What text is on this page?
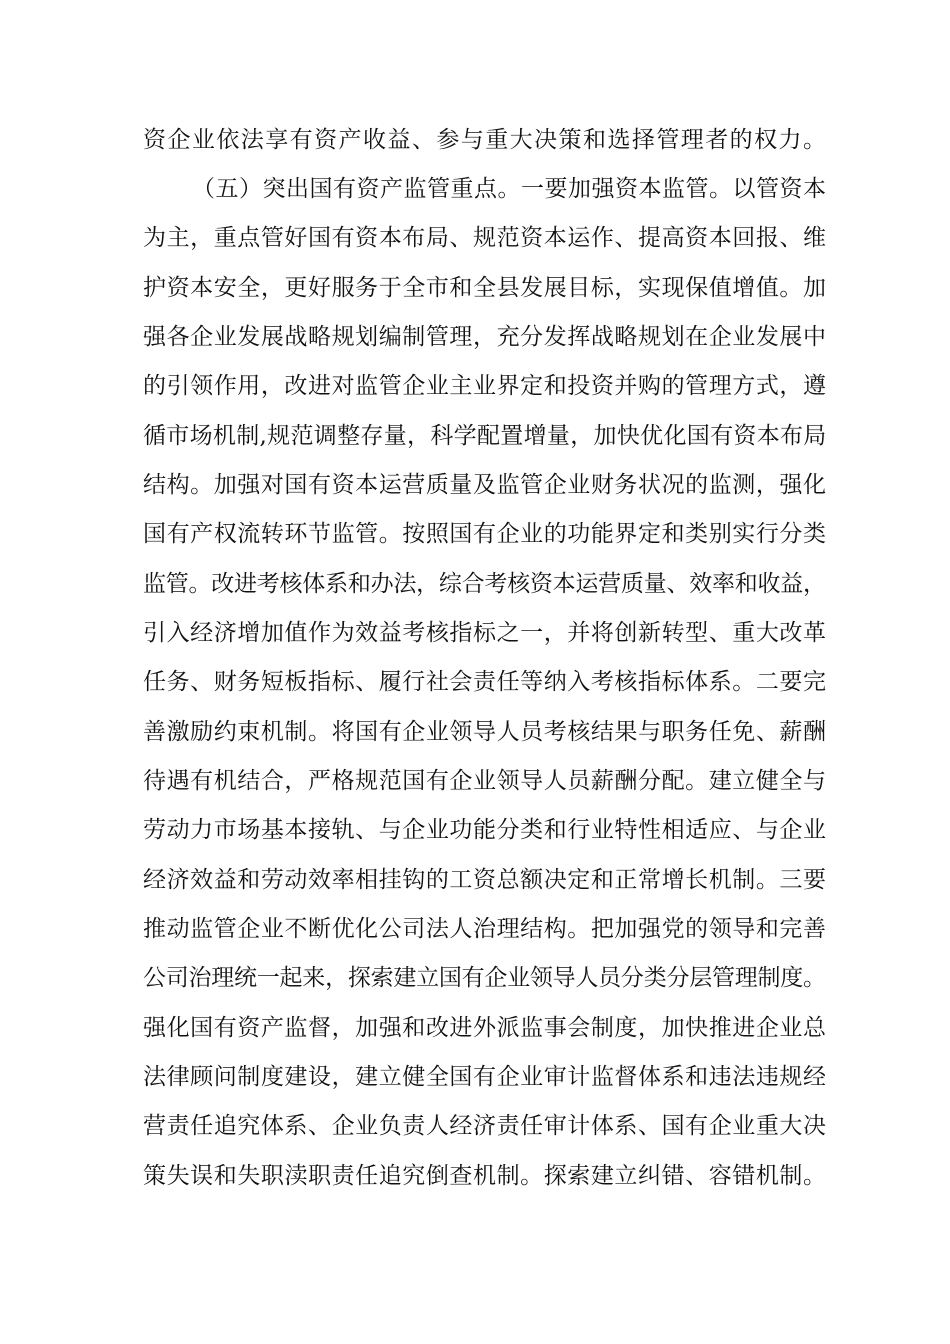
资企业依法享有资产收益、参与重大决策和选择管理者的权力。
（五）突出国有资产监管重点。一要加强资本监管。以管资本
为主，重点管好国有资本布局、规范资本运作、提高资本回报、维
护资本安全，更好服务于全市和全县发展目标，实现保值增值。加
强各企业发展战略规划编制管理，充分发挥战略规划在企业发展中
的引领作用，改进对监管企业主业界定和投资并购的管理方式，遵
循市场机制,规范调整存量，科学配置增量，加快优化国有资本布局
结构。加强对国有资本运营质量及监管企业财务状况的监测，强化
国有产权流转环节监管。按照国有企业的功能界定和类别实行分类
监管。改进考核体系和办法，综合考核资本运营质量、效率和收益，
引入经济增加值作为效益考核指标之一，并将创新转型、重大改革
任务、财务短板指标、履行社会责任等纳入考核指标体系。二要完
善激励约束机制。将国有企业领导人员考核结果与职务任免、薪酬
待遇有机结合，严格规范国有企业领导人员薪酬分配。建立健全与
劳动力市场基本接轨、与企业功能分类和行业特性相适应、与企业
经济效益和劳动效率相挂钩的工资总额决定和正常增长机制。三要
推动监管企业不断优化公司法人治理结构。把加强党的领导和完善
公司治理统一起来，探索建立国有企业领导人员分类分层管理制度。
强化国有资产监督，加强和改进外派监事会制度，加快推进企业总
法律顾问制度建设，建立健全国有企业审计监督体系和违法违规经
营责任追究体系、企业负责人经济责任审计体系、国有企业重大决
策失误和失职渎职责任追究倒查机制。探索建立纠错、容错机制。
